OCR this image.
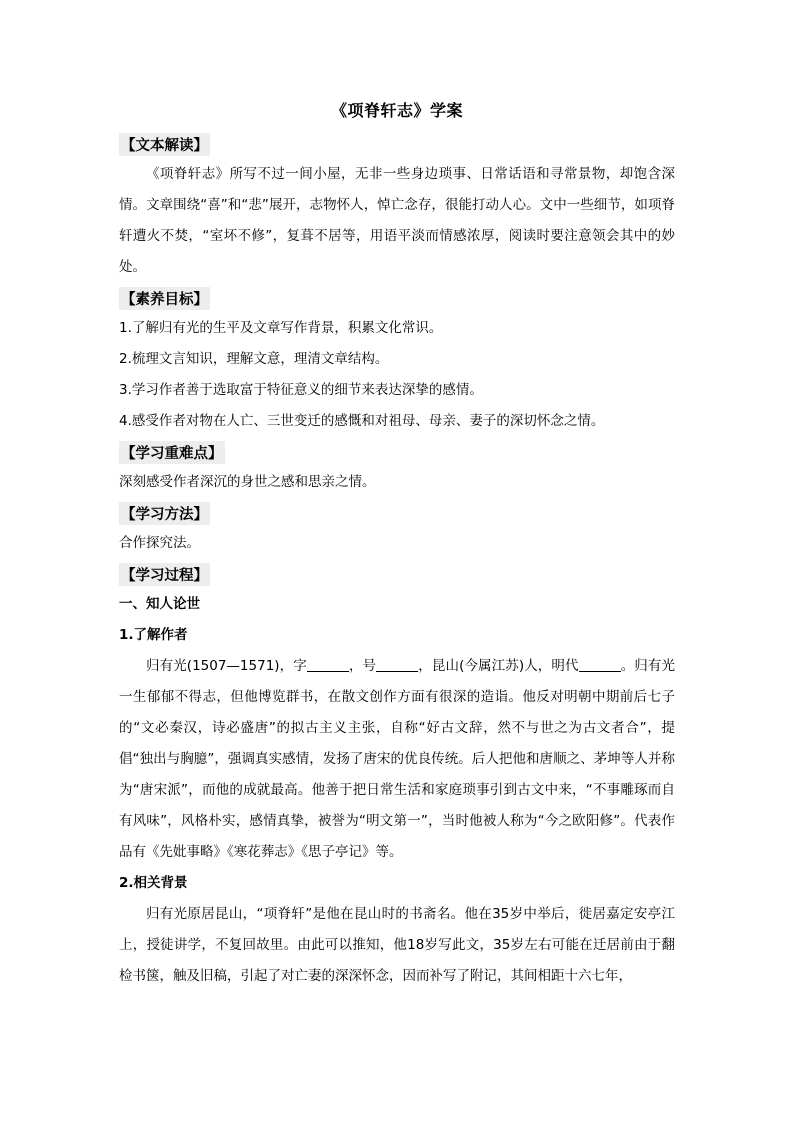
《项脊轩志》学案
【文本解读】

《项脊轩志》所写不过一间小屋，无非一些身边琐事、日常话语和寻常景物，却饱含深情。文章围绕“喜”和“悲”展开，志物怀人，悼亡念存，很能打动人心。文中一些细节，如项脊轩遭火不焚，“室坏不修”，复葺不居等，用语平淡而情感浓厚，阅读时要注意领会其中的妙处。

【素养目标】

1.了解归有光的生平及文章写作背景，积累文化常识。

2.梳理文言知识，理解文意，理清文章结构。

3.学习作者善于选取富于特征意义的细节来表达深挚的感情。

4.感受作者对物在人亡、三世变迁的感慨和对祖母、母亲、妻子的深切怀念之情。

【学习重难点】

深刻感受作者深沉的身世之感和思亲之情。

【学习方法】

合作探究法。

【学习过程】

一、知人论世

1.了解作者

归有光(1507—1571)，字	，号	，昆山(今属江苏)人，明代	。归有光一生郁郁不得志，但他博览群书，在散文创作方面有很深的造诣。他反对明朝中期前后七子的“文必秦汉，诗必盛唐”的拟古主义主张，自称“好古文辞，然不与世之为古文者合”，提倡“独出与胸臆”，强调真实感情，发扬了唐宋的优良传统。后人把他和唐顺之、茅坤等人并称为“唐宋派”，而他的成就最高。他善于把日常生活和家庭琐事引到古文中来，“不事雕琢而自有风味”，风格朴实，感情真挚，被誉为“明文第一”，当时他被人称为“今之欧阳修”。代表作品有《先妣事略》《寒花葬志》《思子亭记》等。

2.相关背景

归有光原居昆山，“项脊轩”是他在昆山时的书斋名。他在35岁中举后，徙居嘉定安亭江上，授徒讲学，不复回故里。由此可以推知，他18岁写此文，35岁左右可能在迁居前由于翻检书箧，触及旧稿，引起了对亡妻的深深怀念，因而补写了附记，其间相距十六七年，
